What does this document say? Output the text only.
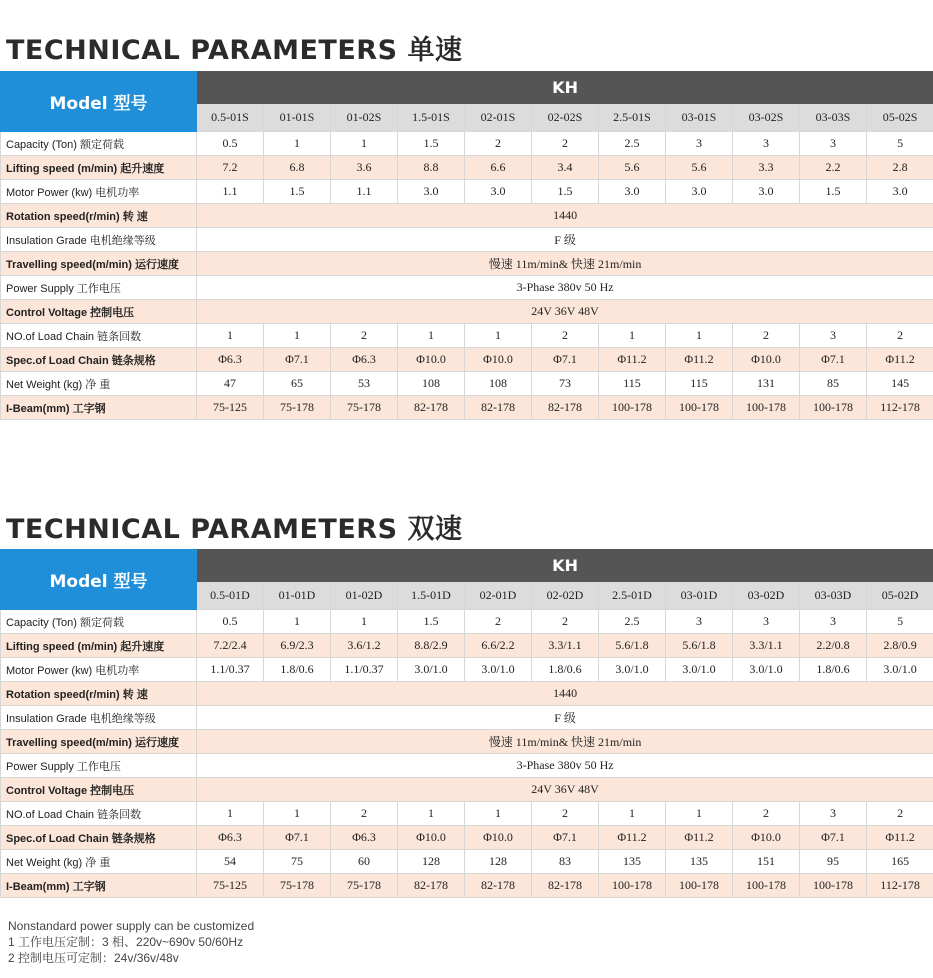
TECHNICAL PARAMETERS 单速
Model 型号	KH										
	0.5-01S	01-01S	01-02S	1.5-01S	02-01S	02-02S	2.5-01S	03-01S	03-02S	03-03S	05-02S
Capacity (Ton) 额定荷载	0.5	1	1	1.5	2	2	2.5	3	3	3	5
Lifting speed (m/min) 起升速度	7.2	6.8	3.6	8.8	6.6	3.4	5.6	5.6	3.3	2.2	2.8
Motor Power (kw) 电机功率	1.1	1.5	1.1	3.0	3.0	1.5	3.0	3.0	3.0	1.5	3.0
Rotation speed(r/min) 转 速	1440										
Insulation Grade 电机绝缘等级	F 级										
Travelling speed(m/min) 运行速度	慢速 11m/min& 快速 21m/min										
Power Supply 工作电压	3-Phase 380v 50 Hz										
Control Voltage 控制电压	24V 36V 48V										
NO.of Load Chain 链条回数	1	1	2	1	1	2	1	1	2	3	2
Spec.of Load Chain 链条规格	Φ6.3	Φ7.1	Φ6.3	Φ10.0	Φ10.0	Φ7.1	Φ11.2	Φ11.2	Φ10.0	Φ7.1	Φ11.2
Net Weight (kg) 净 重	47	65	53	108	108	73	115	115	131	85	145
I-Beam(mm) 工字钢	75-125	75-178	75-178	82-178	82-178	82-178	100-178	100-178	100-178	100-178	112-178
TECHNICAL PARAMETERS 双速
Model 型号	KH										
	0.5-01D	01-01D	01-02D	1.5-01D	02-01D	02-02D	2.5-01D	03-01D	03-02D	03-03D	05-02D
Capacity (Ton) 额定荷载	0.5	1	1	1.5	2	2	2.5	3	3	3	5
Lifting speed (m/min) 起升速度	7.2/2.4	6.9/2.3	3.6/1.2	8.8/2.9	6.6/2.2	3.3/1.1	5.6/1.8	5.6/1.8	3.3/1.1	2.2/0.8	2.8/0.9
Motor Power (kw) 电机功率	1.1/0.37	1.8/0.6	1.1/0.37	3.0/1.0	3.0/1.0	1.8/0.6	3.0/1.0	3.0/1.0	3.0/1.0	1.8/0.6	3.0/1.0
Rotation speed(r/min) 转 速	1440										
Insulation Grade 电机绝缘等级	F 级										
Travelling speed(m/min) 运行速度	慢速 11m/min& 快速 21m/min										
Power Supply 工作电压	3-Phase 380v 50 Hz										
Control Voltage 控制电压	24V 36V 48V										
NO.of Load Chain 链条回数	1	1	2	1	1	2	1	1	2	3	2
Spec.of Load Chain 链条规格	Φ6.3	Φ7.1	Φ6.3	Φ10.0	Φ10.0	Φ7.1	Φ11.2	Φ11.2	Φ10.0	Φ7.1	Φ11.2
Net Weight (kg) 净 重	54	75	60	128	128	83	135	135	151	95	165
I-Beam(mm) 工字钢	75-125	75-178	75-178	82-178	82-178	82-178	100-178	100-178	100-178	100-178	112-178
Nonstandard power supply can be customized
1 工作电压定制：3 相、220v~690v 50/60Hz
2 控制电压可定制：24v/36v/48v
